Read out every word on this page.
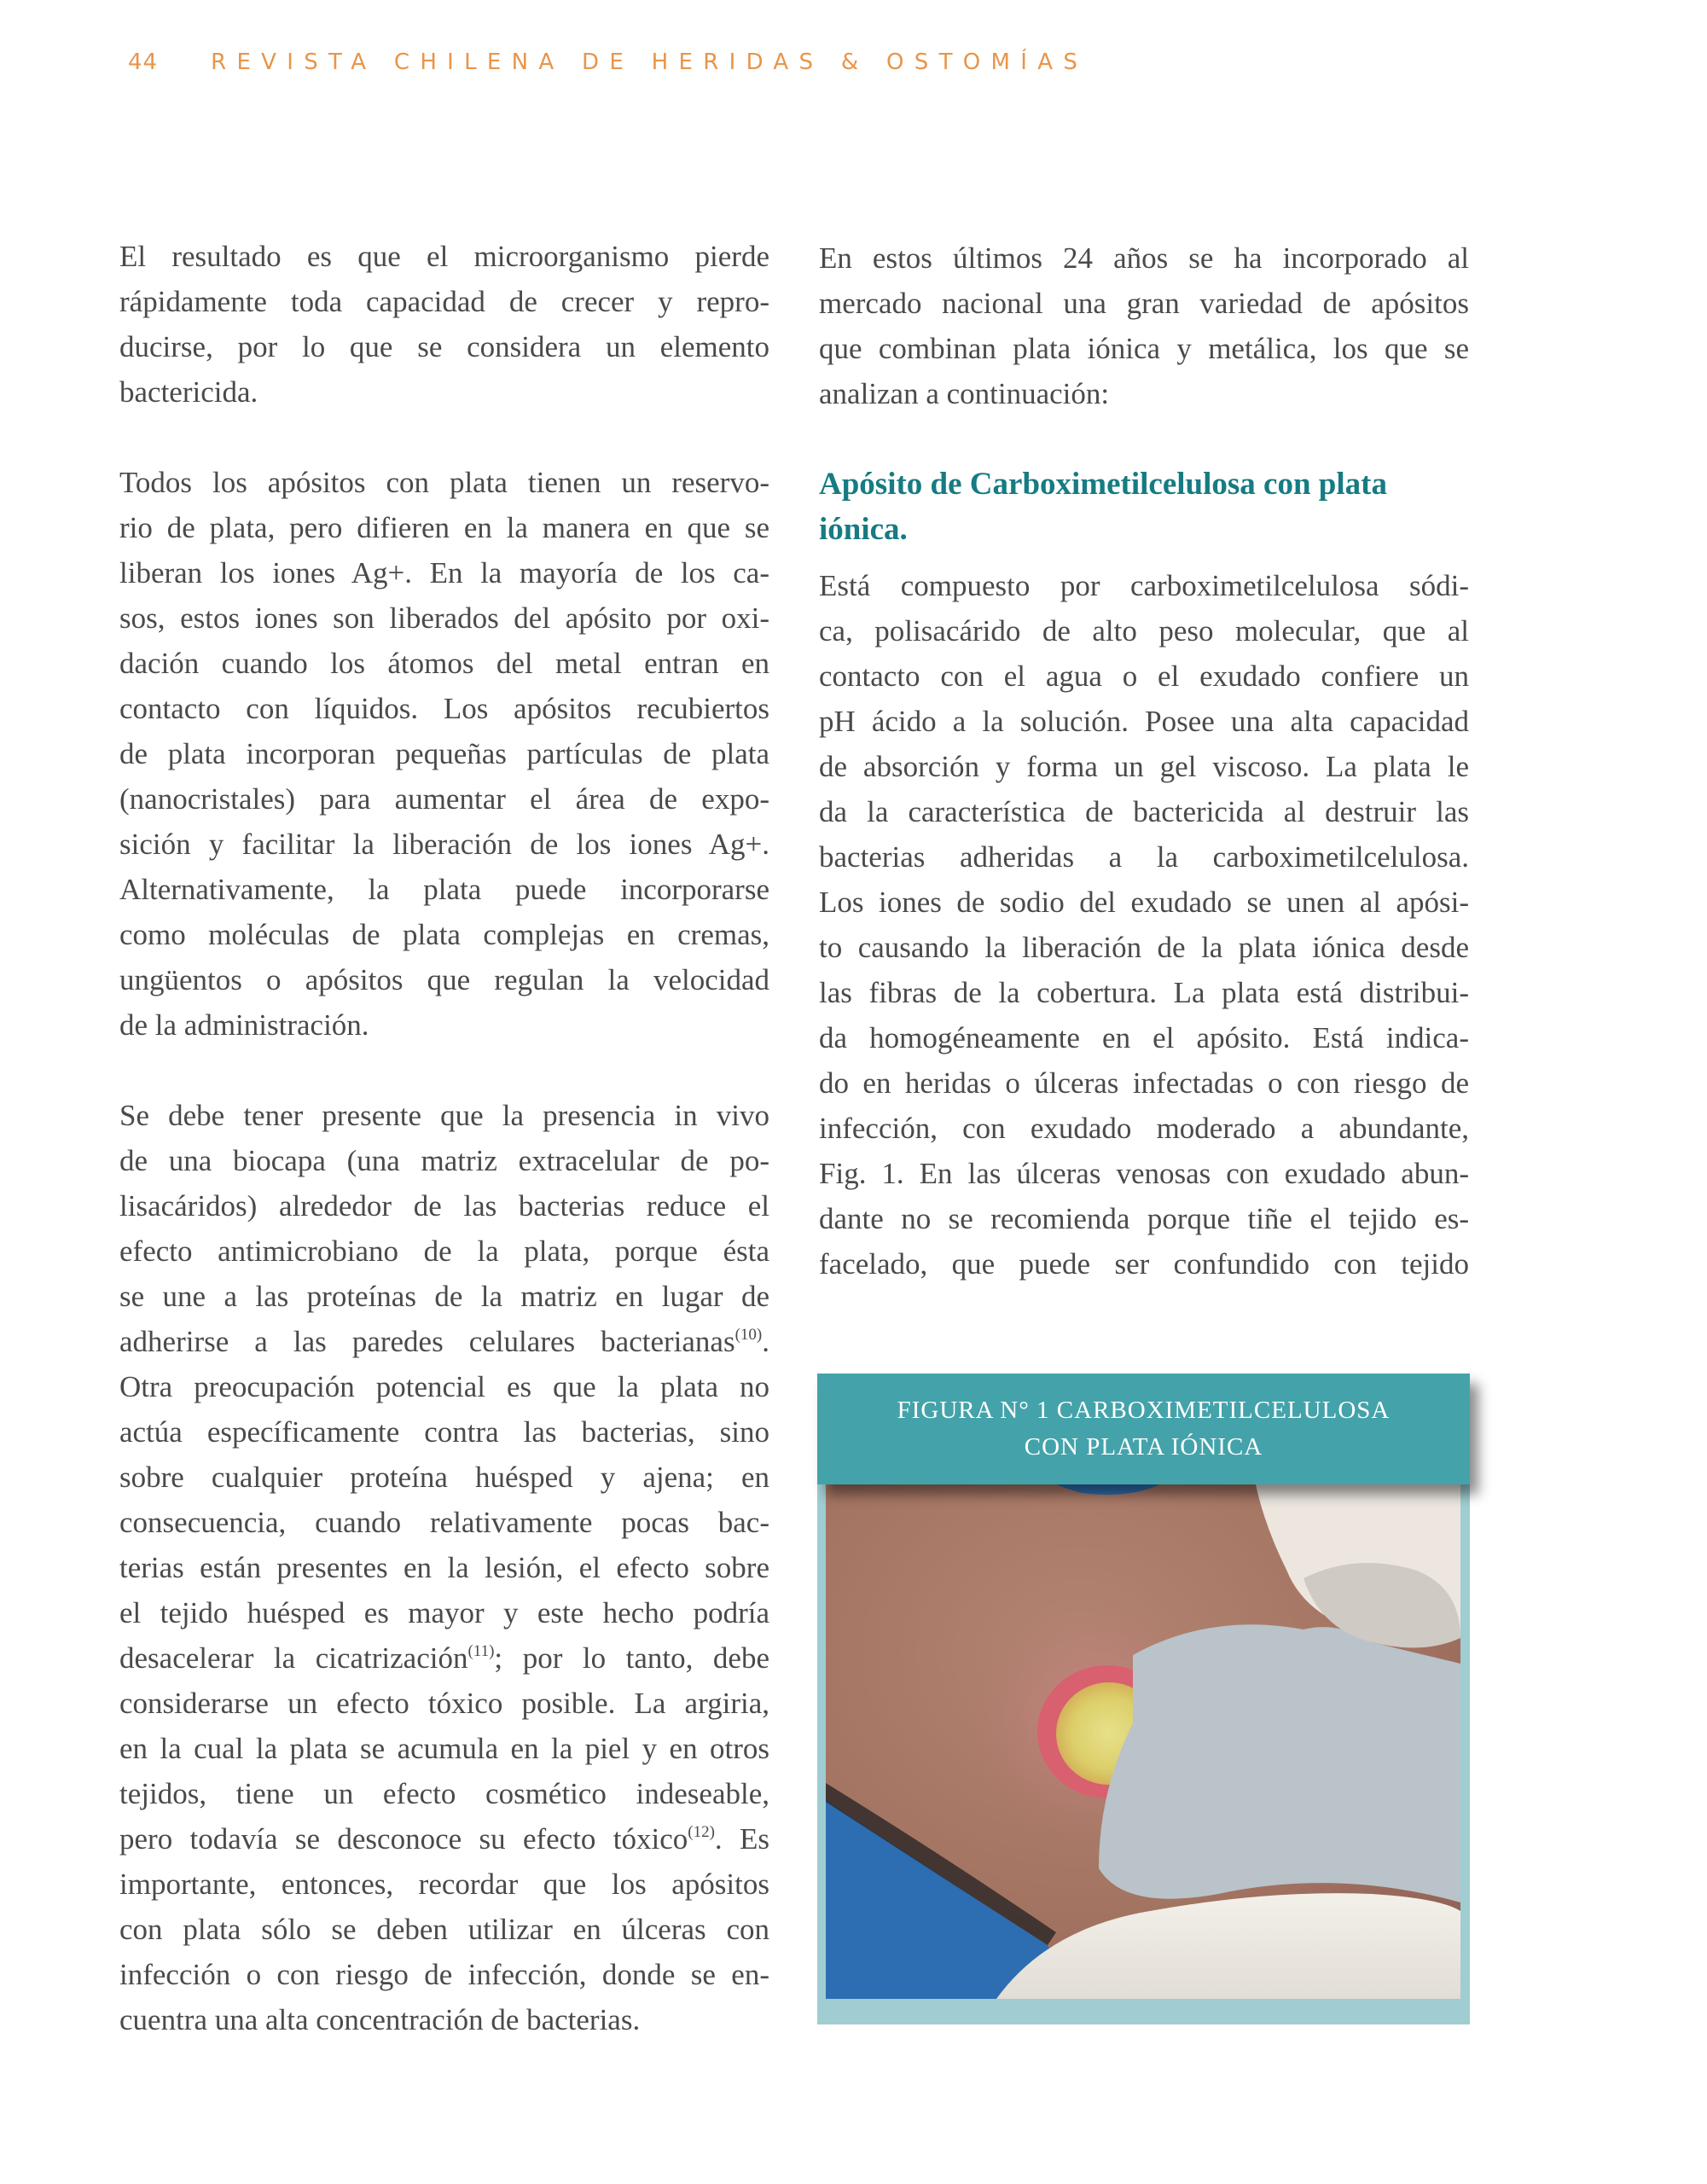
44 REVISTA CHILENA DE HERIDAS & OSTOMÍAS
El resultado es que el microorganismo pierde
rápidamente toda capacidad de crecer y repro-
ducirse, por lo que se considera un elemento
bactericida.
Todos los apósitos con plata tienen un reservo-
rio de plata, pero difieren en la manera en que se
liberan los iones Ag+. En la mayoría de los ca-
sos, estos iones son liberados del apósito por oxi-
dación cuando los átomos del metal entran en
contacto con líquidos. Los apósitos recubiertos
de plata incorporan pequeñas partículas de plata
(nanocristales) para aumentar el área de expo-
sición y facilitar la liberación de los iones Ag+.
Alternativamente, la plata puede incorporarse
como moléculas de plata complejas en cremas,
ungüentos o apósitos que regulan la velocidad
de la administración.
Se debe tener presente que la presencia in vivo
de una biocapa (una matriz extracelular de po-
lisacáridos) alrededor de las bacterias reduce el
efecto antimicrobiano de la plata, porque ésta
se une a las proteínas de la matriz en lugar de
adherirse a las paredes celulares bacterianas$^{(10)}$.
Otra preocupación potencial es que la plata no
actúa específicamente contra las bacterias, sino
sobre cualquier proteína huésped y ajena; en
consecuencia, cuando relativamente pocas bac-
terias están presentes en la lesión, el efecto sobre
el tejido huésped es mayor y este hecho podría
desacelerar la cicatrización$^{(11)}$; por lo tanto, debe
considerarse un efecto tóxico posible. La argiria,
en la cual la plata se acumula en la piel y en otros
tejidos, tiene un efecto cosmético indeseable,
pero todavía se desconoce su efecto tóxico$^{(12)}$. Es
importante, entonces, recordar que los apósitos
con plata sólo se deben utilizar en úlceras con
infección o con riesgo de infección, donde se en-
cuentra una alta concentración de bacterias.
En estos últimos 24 años se ha incorporado al
mercado nacional una gran variedad de apósitos
que combinan plata iónica y metálica, los que se
analizan a continuación:
Apósito de Carboximetilcelulosa con plata
iónica.
Está compuesto por carboximetilcelulosa sódi-
ca, polisacárido de alto peso molecular, que al
contacto con el agua o el exudado confiere un
pH ácido a la solución. Posee una alta capacidad
de absorción y forma un gel viscoso. La plata le
da la característica de bactericida al destruir las
bacterias adheridas a la carboximetilcelulosa.
Los iones de sodio del exudado se unen al apósi-
to causando la liberación de la plata iónica desde
las fibras de la cobertura. La plata está distribui-
da homogéneamente en el apósito. Está indica-
do en heridas o úlceras infectadas o con riesgo de
infección, con exudado moderado a abundante,
Fig. 1. En las úlceras venosas con exudado abun-
dante no se recomienda porque tiñe el tejido es-
facelado, que puede ser confundido con tejido
FIGURA N° 1 CARBOXIMETILCELULOSA
CON PLATA IÓNICA
